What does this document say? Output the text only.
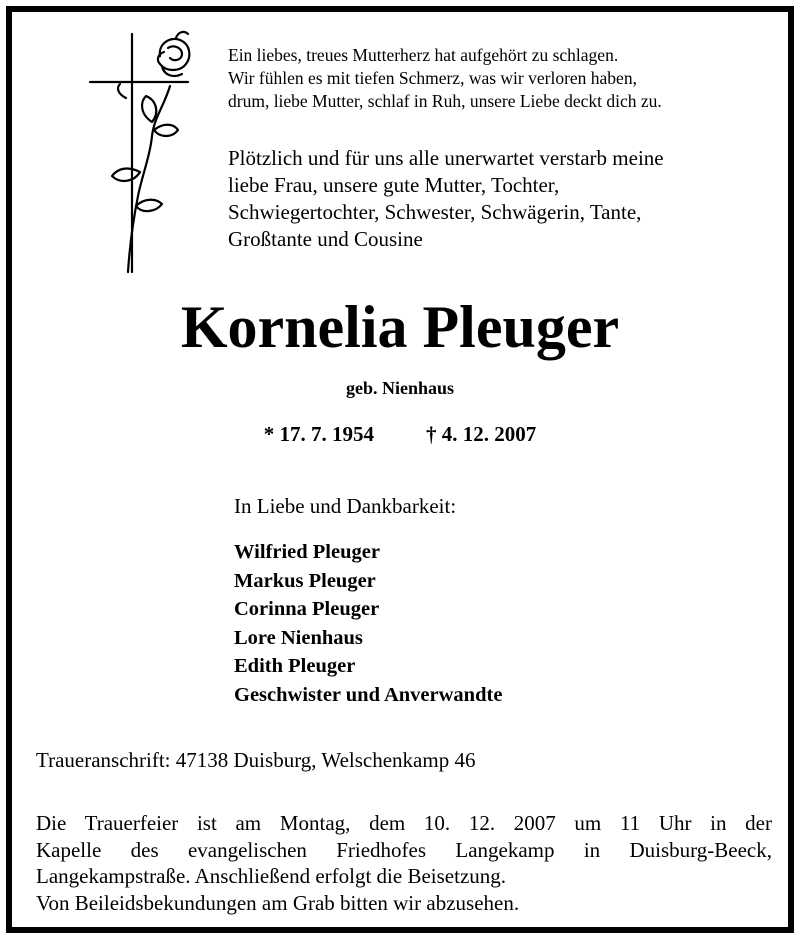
Ein liebes, treues Mutterherz hat aufgehört zu schlagen.
Wir fühlen es mit tiefen Schmerz, was wir verloren haben,
drum, liebe Mutter, schlaf in Ruh, unsere Liebe deckt dich zu.
Plötzlich und für uns alle unerwartet verstarb meine
liebe Frau, unsere gute Mutter, Tochter,
Schwiegertochter, Schwester, Schwägerin, Tante,
Großtante und Cousine
Kornelia Pleuger
geb. Nienhaus
* 17. 7. 1954 † 4. 12. 2007
In Liebe und Dankbarkeit:
Wilfried Pleuger
Markus Pleuger
Corinna Pleuger
Lore Nienhaus
Edith Pleuger
Geschwister und Anverwandte
Traueranschrift: 47138 Duisburg, Welschenkamp 46
Die Trauerfeier ist am Montag, dem 10. 12. 2007 um 11 Uhr in der
Kapelle des evangelischen Friedhofes Langekamp in Duisburg-Beeck,
Langekampstraße. Anschließend erfolgt die Beisetzung.
Von Beileidsbekundungen am Grab bitten wir abzusehen.
